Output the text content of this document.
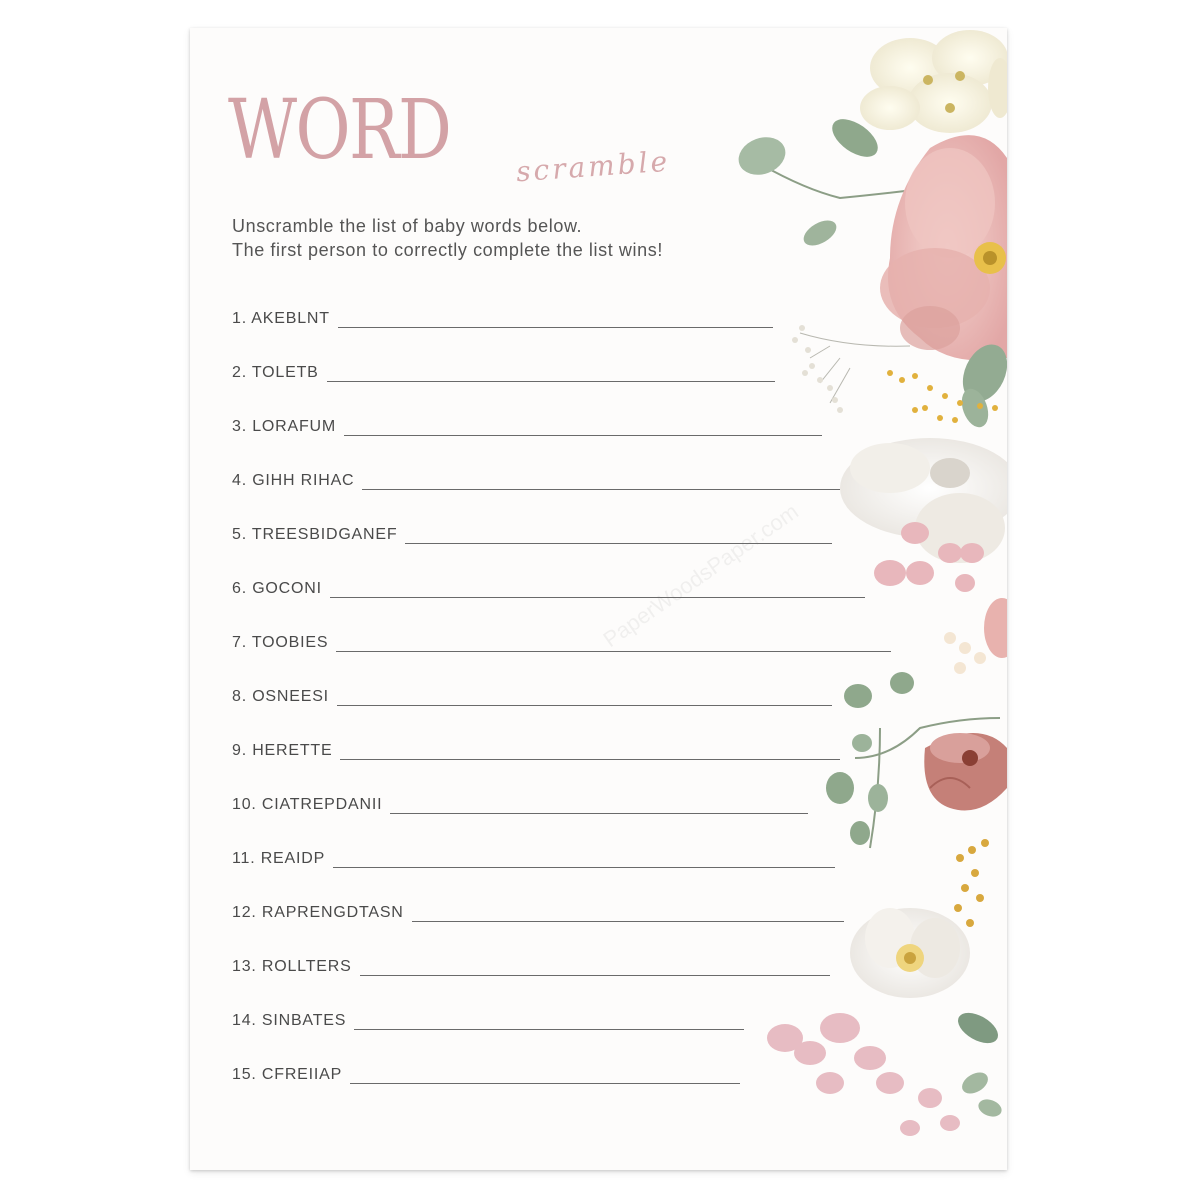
PaperWoodsPaper.com
WORD scramble
Unscramble the list of baby words below.
The first person to correctly complete the list wins!
1. AKEBLNT
2. TOLETB
3. LORAFUM
4. GIHH RIHAC
5. TREESBIDGANEF
6. GOCONI
7. TOOBIES
8. OSNEESI
9. HERETTE
10. CIATREPDANII
11. REAIDP
12. RAPRENGDTASN
13. ROLLTERS
14. SINBATES
15. CFREIIAP
